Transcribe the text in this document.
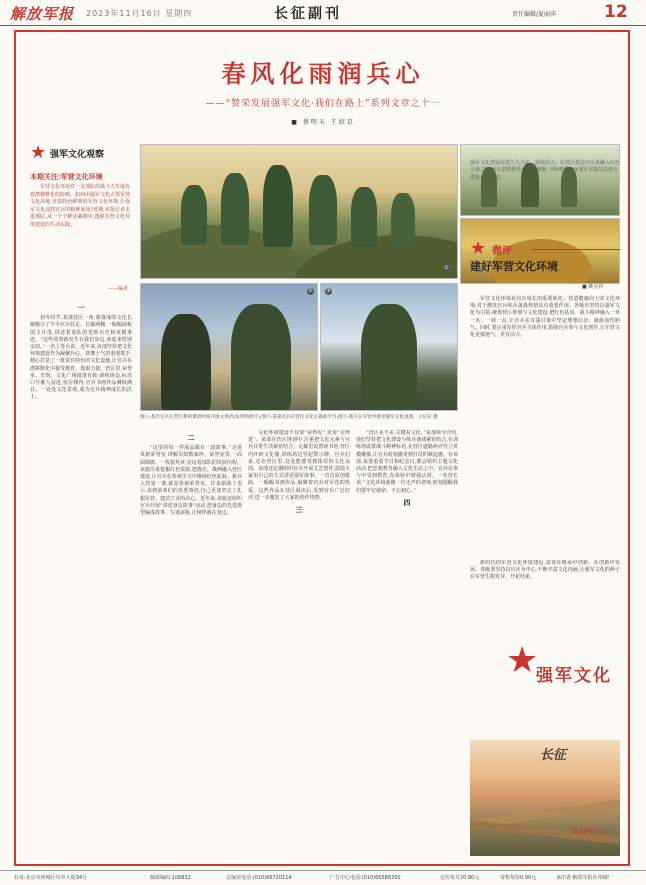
解放军报 2023年11月16日 星期四	长征副刊	责任编辑/夏丽萍	12
春风化雨润兵心
——“赞荣发展强军文化·我们在路上”系列文章之十一
■ 蔡明天 王绍京
★ 强军文化观察
本期关注:军营文化环境
军营文化环境对一支部队的战斗力生成有着潜移默化的影响。如何用强军文化占领军营文化高地,营造特色鲜明的军营文化环境,让强军文化浸润官兵的精神家园?近期,本版记者走进部队,从一个个鲜活案例中,透视军营文化环境建设的生动实践。
——编者
①
②	③
图①:基层官兵在营区利用课余时间开展文体活动(资料照片);图②:某部官兵在营区文化长廊前学习;图③:新兵在军营中感受强军文化氛围。王绍京 摄
强军文化建设需要久久为功、持续用力。在营区建设中注重融入红色元素,让官兵在潜移默化中接受熏陶,不断增强投身强军实践的思想自觉和行动自觉。
★ 微评
建好军营文化环境
■ 姚克祥
军营文化环境是官兵成长的重要依托。营造健康向上的文化环境,对于激发官兵练兵备战热情具有重要作用。各级应坚持以强军文化为引领,统筹营区规划与文化建设,把红色基因、战斗精神融入一草一木、一砖一瓦,让官兵在耳濡目染中坚定理想信念、砥砺血性胆气。同时,要注重发挥官兵主体作用,鼓励官兵参与文化创作,让军营文化更接地气、更有活力。

一

初冬时节,某部营区一角,新落成的文化长廊吸引了不少官兵驻足。长廊两侧,一幅幅展板图文并茂,讲述着部队的光辉历史和英模事迹。“这些故事就发生在我们身边,读起来特别亲切。”一名上等兵说。近年来,该部坚持把文化环境建设作为凝聚兵心、鼓舞士气的重要抓手,精心打造了一批富有特色的文化设施,让官兵在潜移默化中接受教育、汲取力量。营区里,荣誉室、史馆、文化广场错落有致;训练场边,标语口号催人奋进;宿舍楼内,官兵书画作品琳琅满目。一处处文化景观,成为官兵精神成长的沃土。

二

“这里的每一件展品都有一段故事。”走进某旅荣誉室,讲解员如数家珍。荣誉室里,一面面锦旗、一枚枚奖章,见证着部队的发展历程。该旅注重挖掘红色资源,把战史、战例融入营区建设,让官兵在参观学习中赓续红色血脉。新兵入营第一课,就是参观荣誉室。许多新战士表示,看到前辈们的英勇事迹,自己更加坚定了扎根军营、建功立业的决心。近年来,该旅还组织官兵开展“讲述身边故事”活动,把身边的先进典型编成故事、写进展板,让榜样就在身边。

文化环境建设不仅要“看得见”,更要“走得进”。某部在营区规划中,注重把文化元素与官兵日常生活紧密结合。走廊里设置读书角,营区内开辟文化墙,训练场边竖起警示牌。官兵们说,走在营区里,处处能感受到浓厚的文化氛围。该部还定期组织官兵开展文艺创作,鼓励大家用自己的方式讲述强军故事。一首首原创歌曲、一幅幅书画作品,凝聚着官兵对军营的热爱。这些作品在营区展出后,受到官兵广泛好评,进一步激发了大家的创作热情。

三

“营区美不美,关键看文化。”某部领导介绍,他们坚持把文化建设与练兵备战紧密结合,在训练场设置战斗精神标语,在营区道路两旁竖立英模雕像,让官兵时刻感受到打仗的紧迫感。在该部,每逢重要节日和纪念日,都会组织主题文化活动,把思想教育融入文化生活之中。官兵在参与中受到教育,在体验中增强认同。一名营长说:“文化环境就像一位无声的老师,时刻提醒我们要牢记使命、不忘初心。”

四

新时代的军营文化环境建设,需要在继承中创新、在创新中发展。各级要坚持以官兵为中心,不断丰富文化内涵,让强军文化的种子在军营生根发芽、开花结果。

★
强军文化
长征
第4955期
社址:北京市西城区阜外大街34号	邮政编码:100832	总编室电话:(010)66720114	广告中心电话:(010)66586350	定价每月20.80元	零售每份0.90元	承印者:解放军报社印刷厂
